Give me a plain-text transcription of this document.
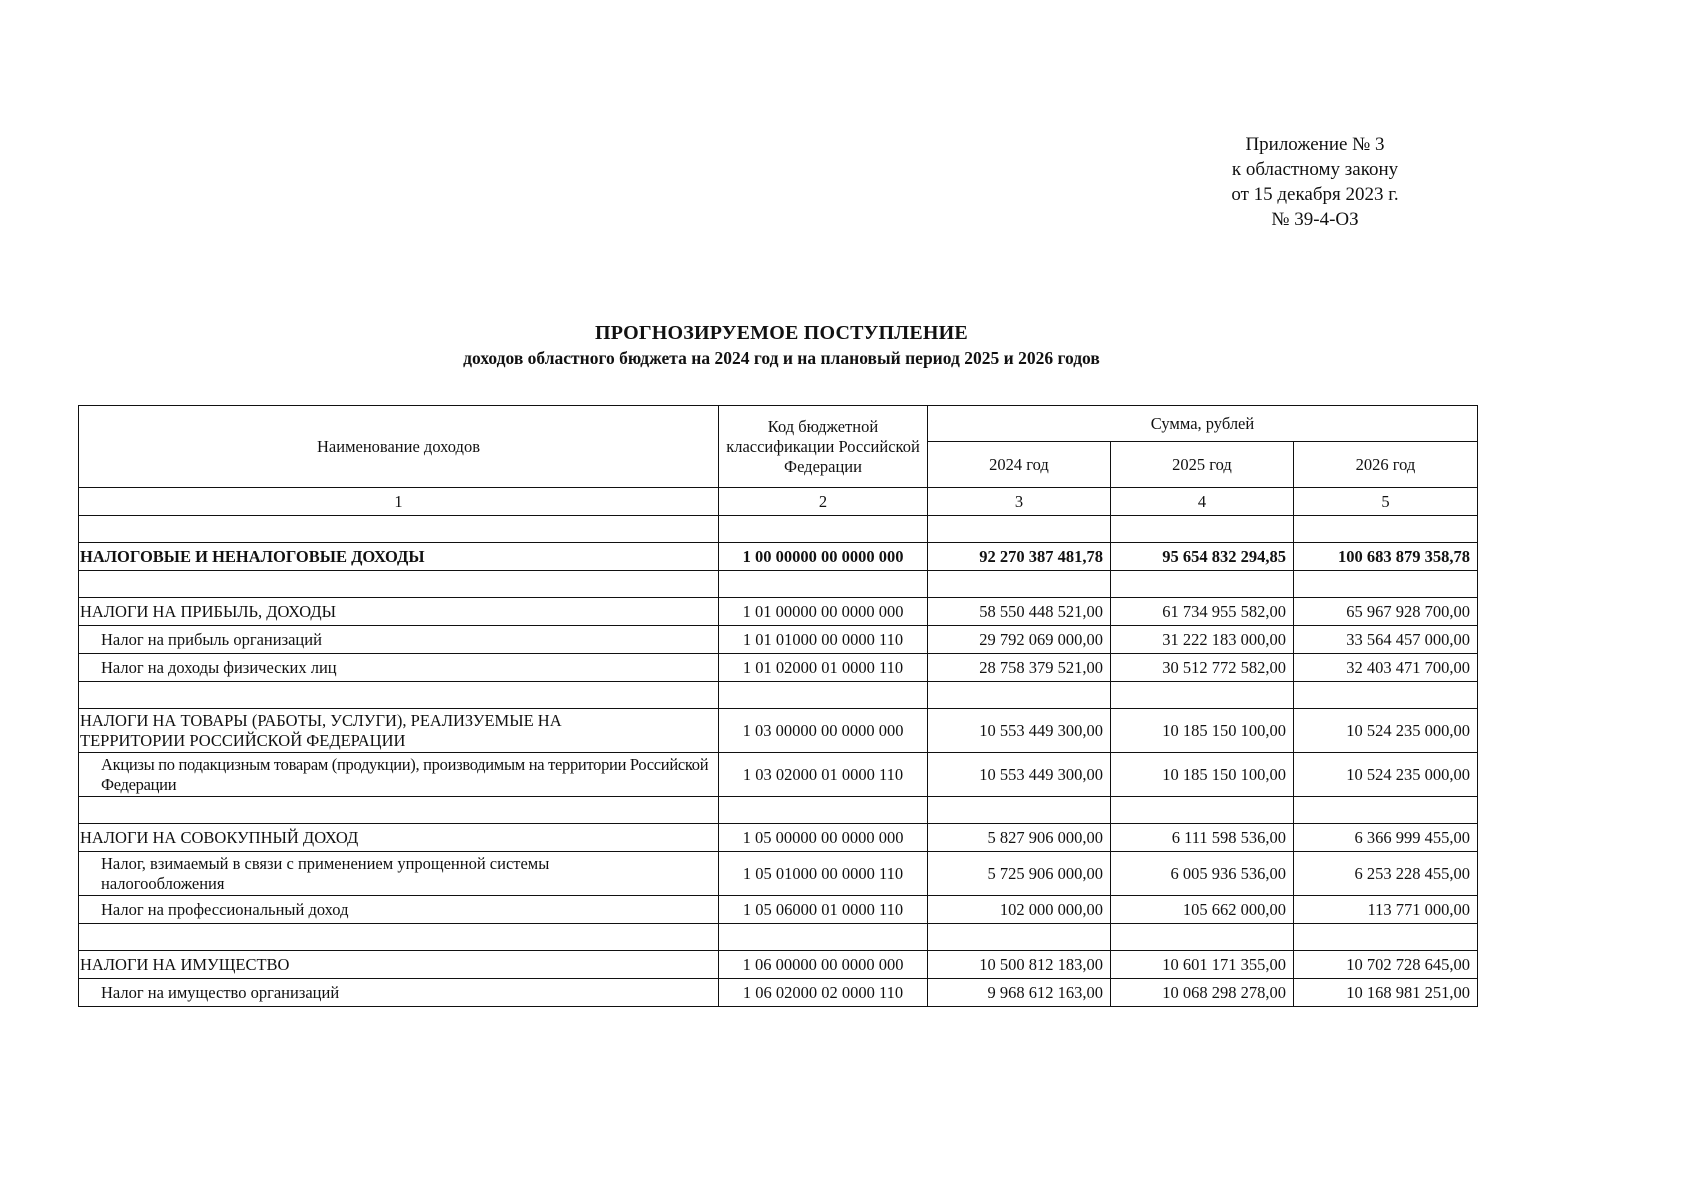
Приложение № 3
к областному закону
от 15 декабря 2023 г.
№ 39-4-ОЗ
ПРОГНОЗИРУЕМОЕ ПОСТУПЛЕНИЕ
доходов областного бюджета на 2024 год и на плановый период 2025 и 2026 годов
Наименование доходов	Код бюджетной классификации Российской Федерации	Сумма, рублей		
		2024 год	2025 год	2026 год
1	2	3	4	5

НАЛОГОВЫЕ И НЕНАЛОГОВЫЕ ДОХОДЫ	1 00 00000 00 0000 000	92 270 387 481,78	95 654 832 294,85	100 683 879 358,78

НАЛОГИ НА ПРИБЫЛЬ, ДОХОДЫ	1 01 00000 00 0000 000	58 550 448 521,00	61 734 955 582,00	65 967 928 700,00
Налог на прибыль организаций	1 01 01000 00 0000 110	29 792 069 000,00	31 222 183 000,00	33 564 457 000,00
Налог на доходы физических лиц	1 01 02000 01 0000 110	28 758 379 521,00	30 512 772 582,00	32 403 471 700,00

НАЛОГИ НА ТОВАРЫ (РАБОТЫ, УСЛУГИ), РЕАЛИЗУЕМЫЕ НА ТЕРРИТОРИИ РОССИЙСКОЙ ФЕДЕРАЦИИ	1 03 00000 00 0000 000	10 553 449 300,00	10 185 150 100,00	10 524 235 000,00
Акцизы по подакцизным товарам (продукции), производимым на территории Российской Федерации	1 03 02000 01 0000 110	10 553 449 300,00	10 185 150 100,00	10 524 235 000,00

НАЛОГИ НА СОВОКУПНЫЙ ДОХОД	1 05 00000 00 0000 000	5 827 906 000,00	6 111 598 536,00	6 366 999 455,00
Налог, взимаемый в связи с применением упрощенной системы налогообложения	1 05 01000 00 0000 110	5 725 906 000,00	6 005 936 536,00	6 253 228 455,00
Налог на профессиональный доход	1 05 06000 01 0000 110	102 000 000,00	105 662 000,00	113 771 000,00

НАЛОГИ НА ИМУЩЕСТВО	1 06 00000 00 0000 000	10 500 812 183,00	10 601 171 355,00	10 702 728 645,00
Налог на имущество организаций	1 06 02000 02 0000 110	9 968 612 163,00	10 068 298 278,00	10 168 981 251,00
